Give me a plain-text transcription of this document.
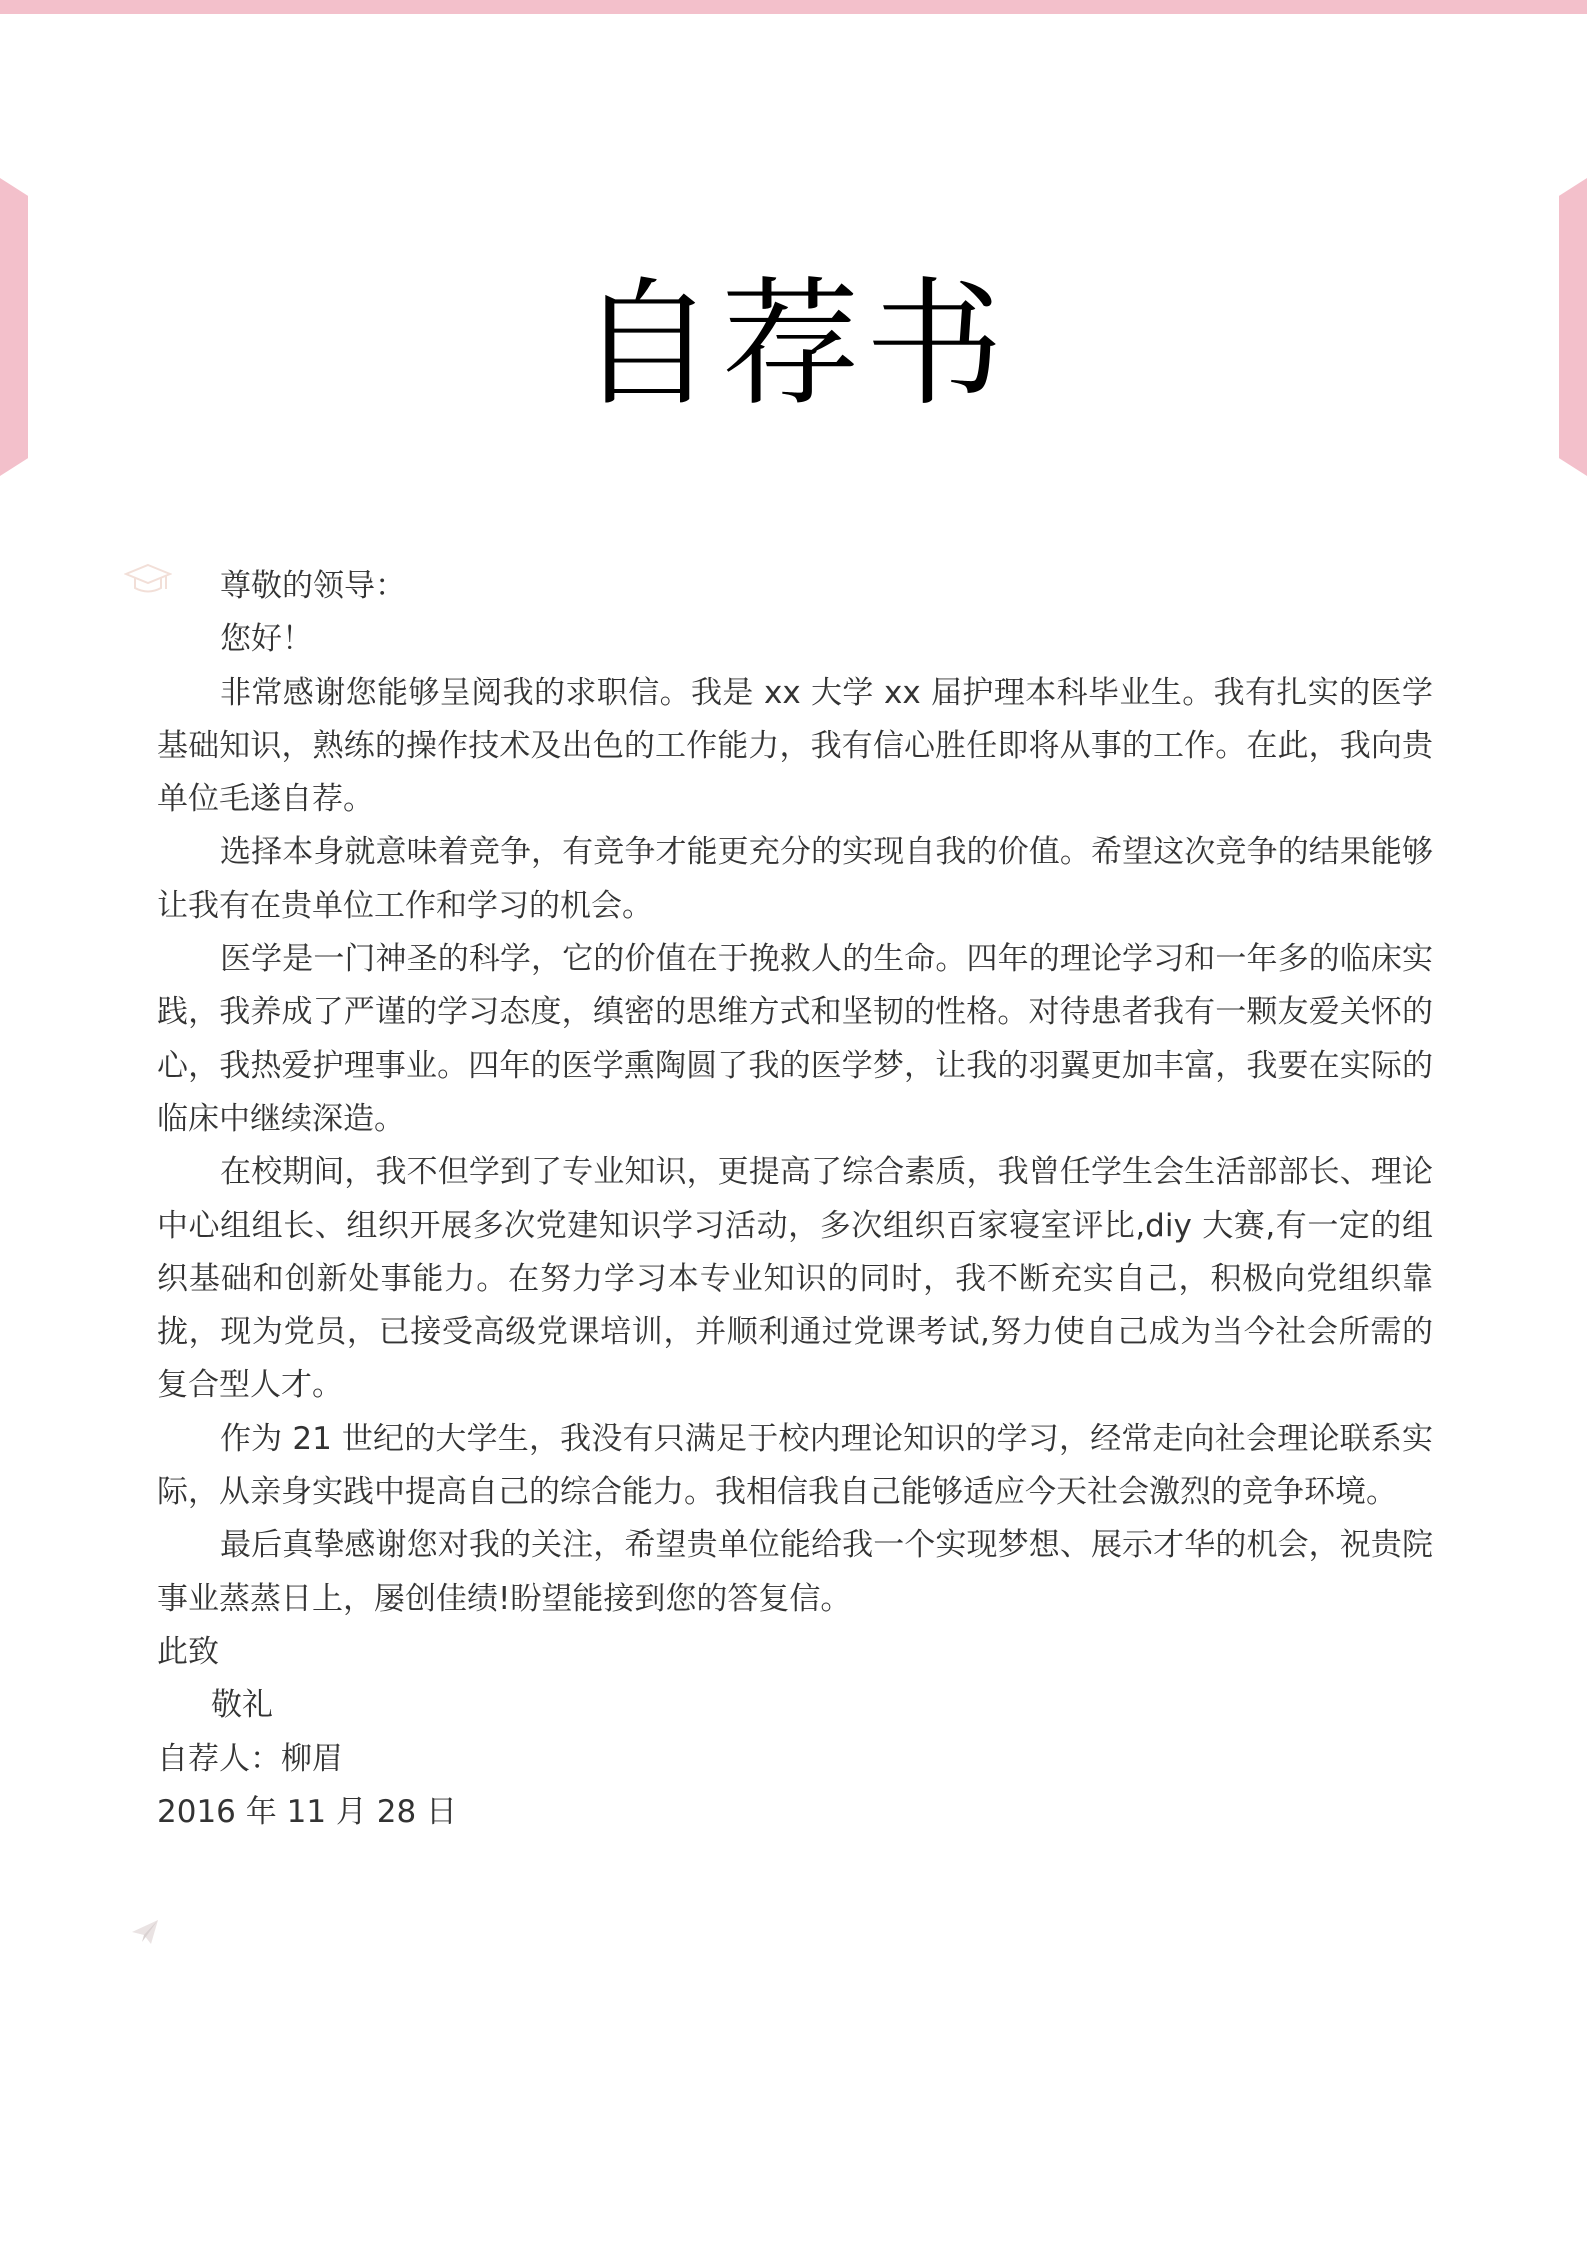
自荐书

尊敬的领导：

您好！

非常感谢您能够呈阅我的求职信。我是 xx 大学 xx 届护理本科毕业生。我有扎实的医学基础知识，熟练的操作技术及出色的工作能力，我有信心胜任即将从事的工作。在此，我向贵单位毛遂自荐。

选择本身就意味着竞争，有竞争才能更充分的实现自我的价值。希望这次竞争的结果能够让我有在贵单位工作和学习的机会。

医学是一门神圣的科学，它的价值在于挽救人的生命。四年的理论学习和一年多的临床实践，我养成了严谨的学习态度，缜密的思维方式和坚韧的性格。对待患者我有一颗友爱关怀的心，我热爱护理事业。四年的医学熏陶圆了我的医学梦，让我的羽翼更加丰富，我要在实际的临床中继续深造。

在校期间，我不但学到了专业知识，更提高了综合素质，我曾任学生会生活部部长、理论中心组组长、组织开展多次党建知识学习活动，多次组织百家寝室评比,diy 大赛,有一定的组织基础和创新处事能力。在努力学习本专业知识的同时，我不断充实自己，积极向党组织靠拢，现为党员，已接受高级党课培训，并顺利通过党课考试,努力使自己成为当今社会所需的复合型人才。

作为 21 世纪的大学生，我没有只满足于校内理论知识的学习，经常走向社会理论联系实际，从亲身实践中提高自己的综合能力。我相信我自己能够适应今天社会激烈的竞争环境。

最后真挚感谢您对我的关注，希望贵单位能给我一个实现梦想、展示才华的机会，祝贵院事业蒸蒸日上，屡创佳绩!盼望能接到您的答复信。

此致

敬礼

自荐人：柳眉

2016 年 11 月 28 日
